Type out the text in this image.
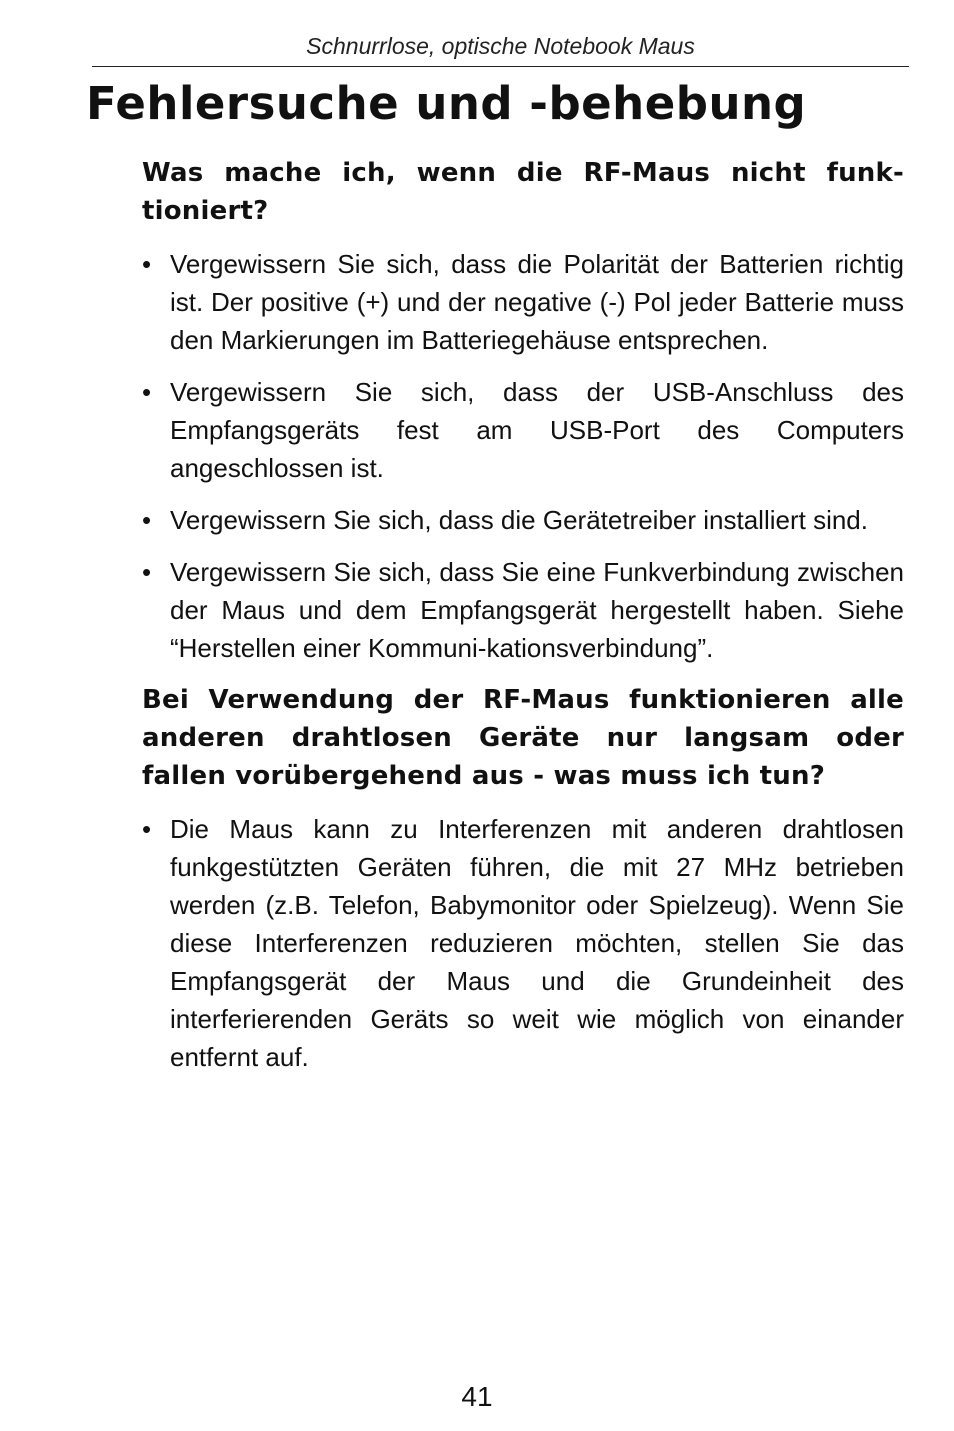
Schnurrlose, optische Notebook Maus
Fehlersuche und -behebung
Was mache ich, wenn die RF-Maus nicht funk-tioniert?
• Vergewissern Sie sich, dass die Polarität der Batterien richtig ist. Der positive (+) und der negative (-) Pol jeder Batterie muss den Markierungen im Batteriegehäuse entsprechen.
• Vergewissern Sie sich, dass der USB-Anschluss des Empfangsgeräts fest am USB-Port des Computers angeschlossen ist.
• Vergewissern Sie sich, dass die Gerätetreiber installiert sind.
• Vergewissern Sie sich, dass Sie eine Funkverbindung zwischen der Maus und dem Empfangsgerät hergestellt haben. Siehe “Herstellen einer Kommuni-kationsverbindung”.
Bei Verwendung der RF-Maus funktionieren alle anderen drahtlosen Geräte nur langsam oder fallen vorübergehend aus - was muss ich tun?
• Die Maus kann zu Interferenzen mit anderen drahtlosen funkgestützten Geräten führen, die mit 27 MHz betrieben werden (z.B. Telefon, Babymonitor oder Spielzeug). Wenn Sie diese Interferenzen reduzieren möchten, stellen Sie das Empfangsgerät der Maus und die Grundeinheit des interferierenden Geräts so weit wie möglich von einander entfernt auf.
41
